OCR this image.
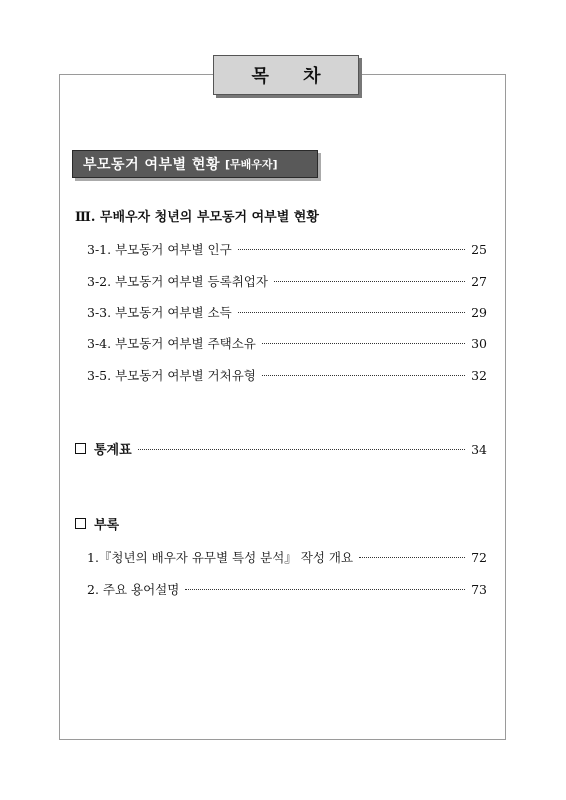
목 차
부모동거 여부별 현황 [무배우자]
Ⅲ. 무배우자 청년의 부모동거 여부별 현황
3-1. 부모동거 여부별 인구	25
3-2. 부모동거 여부별 등록취업자	27
3-3. 부모동거 여부별 소득	29
3-4. 부모동거 여부별 주택소유	30
3-5. 부모동거 여부별 거처유형	32
통계표	34
부록
1.『청년의 배우자 유무별 특성 분석』 작성 개요	72
2. 주요 용어설명	73
